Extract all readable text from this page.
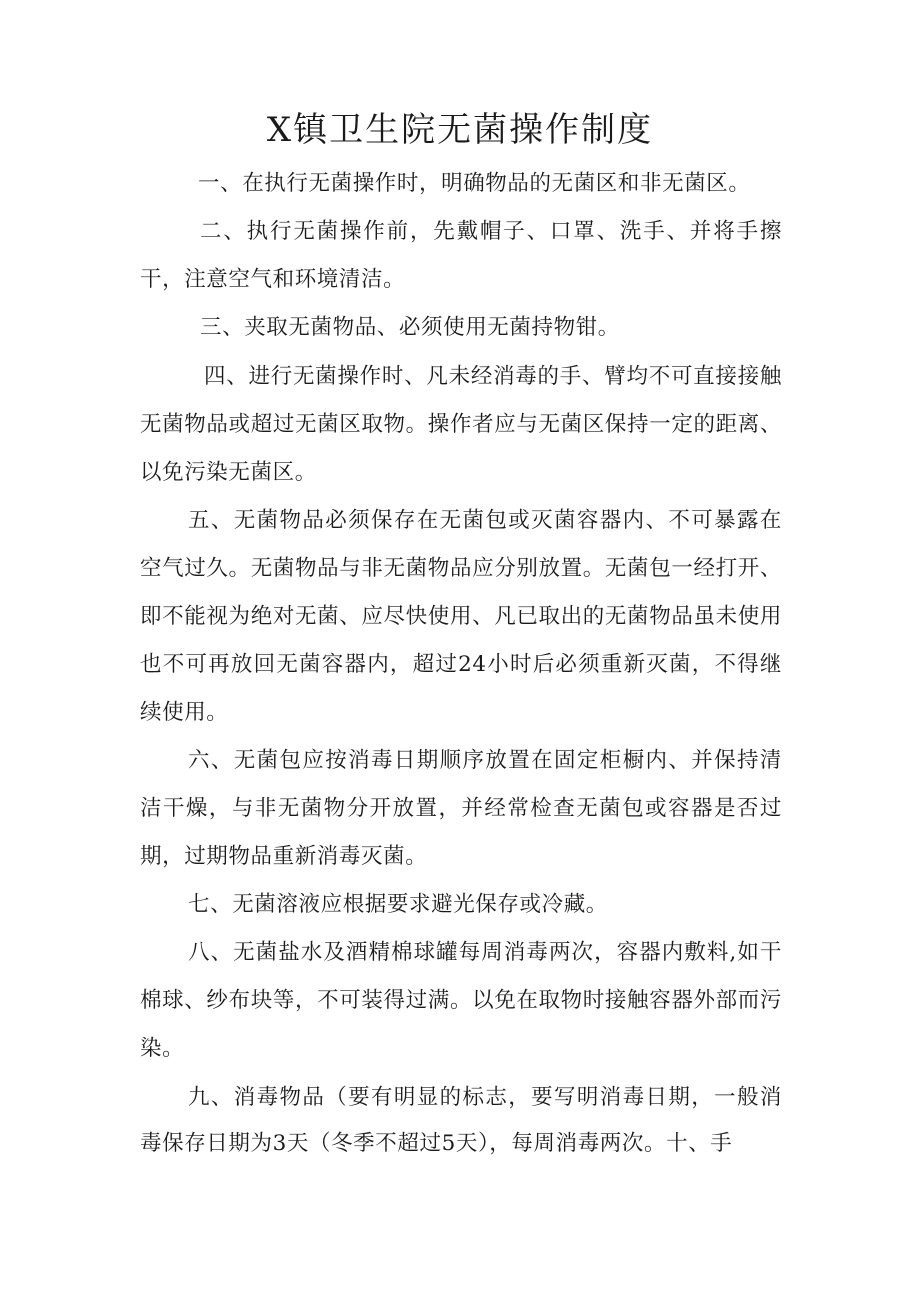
X镇卫生院无菌操作制度

一、在执行无菌操作时，明确物品的无菌区和非无菌区。

二、执行无菌操作前，先戴帽子、口罩、洗手、并将手擦干，注意空气和环境清洁。

三、夹取无菌物品、必须使用无菌持物钳。

四、进行无菌操作时、凡未经消毒的手、臂均不可直接接触无菌物品或超过无菌区取物。操作者应与无菌区保持一定的距离、以免污染无菌区。

五、无菌物品必须保存在无菌包或灭菌容器内、不可暴露在空气过久。无菌物品与非无菌物品应分别放置。无菌包一经打开、即不能视为绝对无菌、应尽快使用、凡已取出的无菌物品虽未使用也不可再放回无菌容器内，超过24小时后必须重新灭菌，不得继续使用。

六、无菌包应按消毒日期顺序放置在固定柜橱内、并保持清洁干燥，与非无菌物分开放置，并经常检查无菌包或容器是否过期，过期物品重新消毒灭菌。

七、无菌溶液应根据要求避光保存或冷藏。

八、无菌盐水及酒精棉球罐每周消毒两次，容器内敷料,如干棉球、纱布块等，不可装得过满。以免在取物时接触容器外部而污染。

九、消毒物品（要有明显的标志，要写明消毒日期，一般消毒保存日期为3天（冬季不超过5天），每周消毒两次。十、手
